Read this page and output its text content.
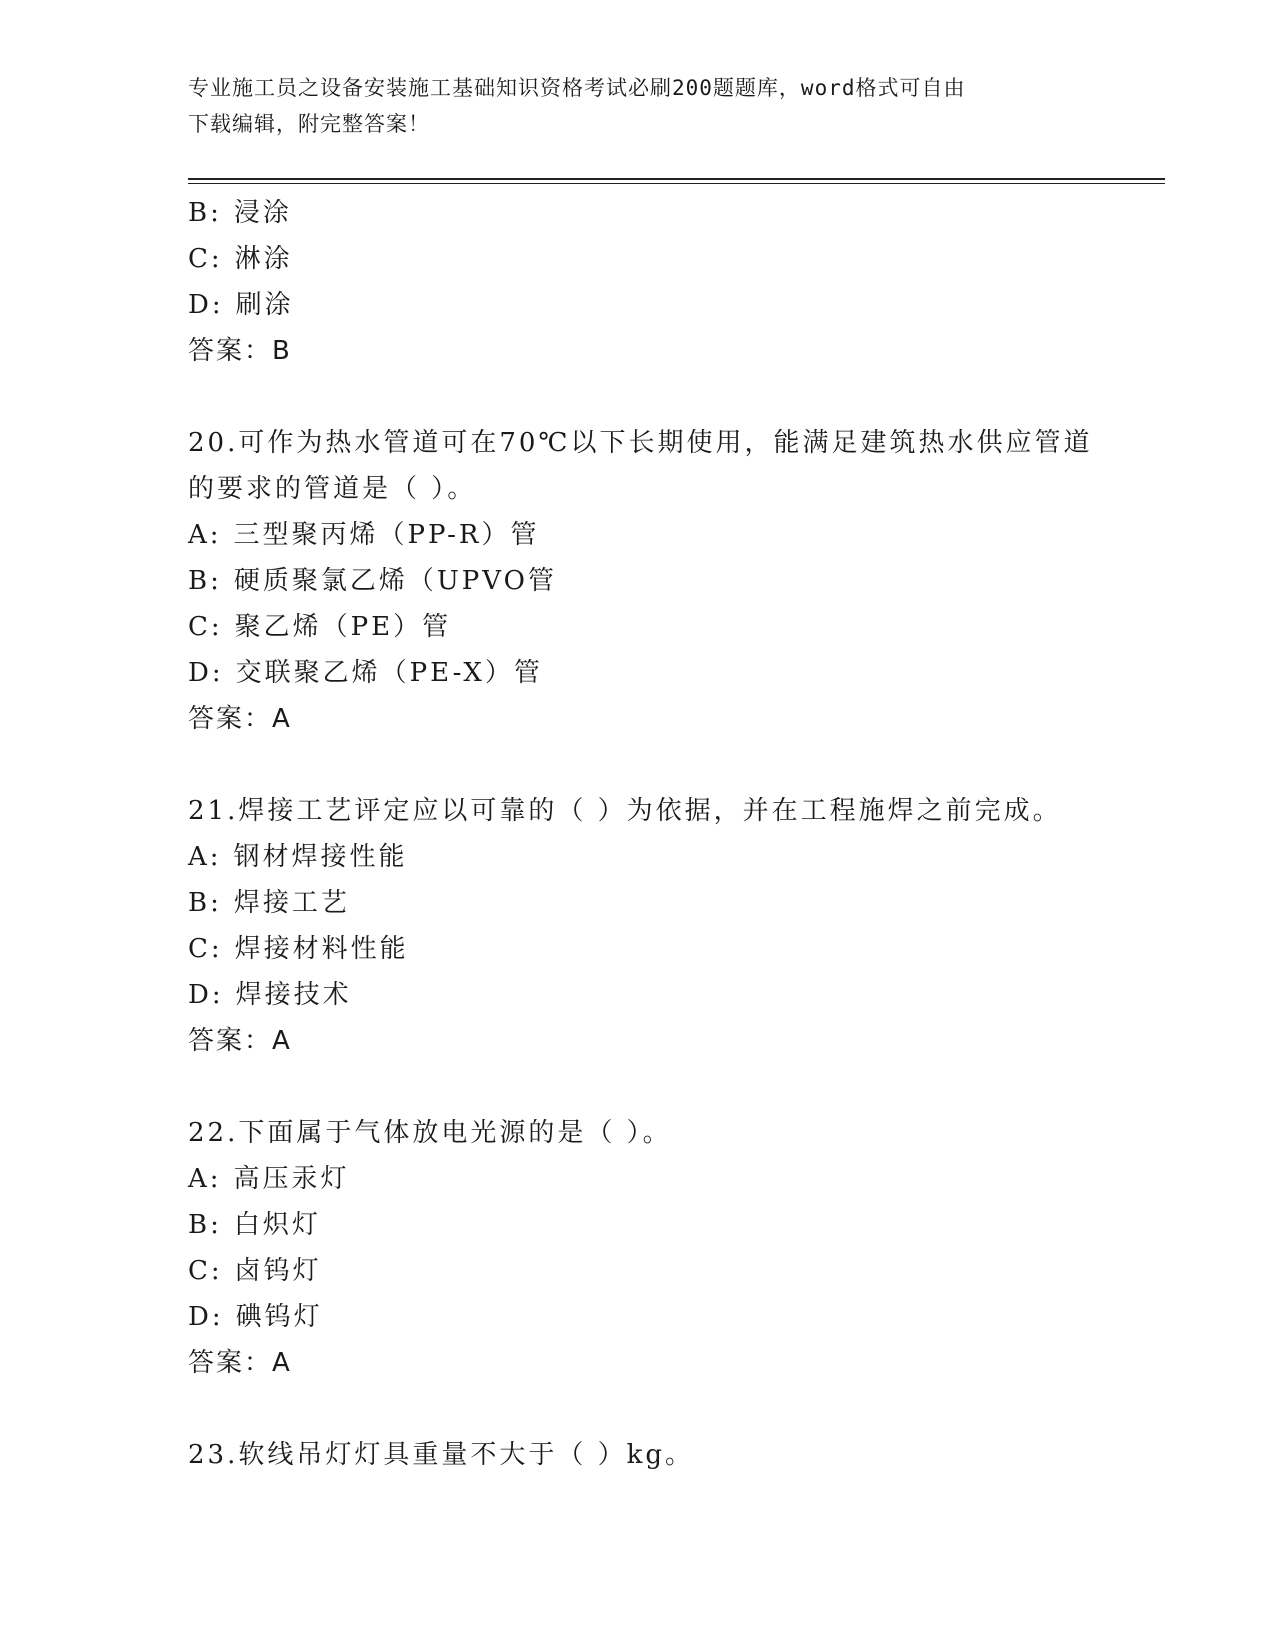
专业施工员之设备安装施工基础知识资格考试必刷200题题库，word格式可自由
下载编辑，附完整答案！
B: 浸涂
C: 淋涂
D: 刷涂
答案：B
20.可作为热水管道可在70℃以下长期使用，能满足建筑热水供应管道
的要求的管道是（ ）。
A: 三型聚丙烯（PP-R）管
B: 硬质聚氯乙烯（UPVO管
C: 聚乙烯（PE）管
D: 交联聚乙烯（PE-X）管
答案：A
21.焊接工艺评定应以可靠的（ ）为依据，并在工程施焊之前完成。
A: 钢材焊接性能
B: 焊接工艺
C: 焊接材料性能
D: 焊接技术
答案：A
22.下面属于气体放电光源的是（ ）。
A: 高压汞灯
B: 白炽灯
C: 卤钨灯
D: 碘钨灯
答案：A
23.软线吊灯灯具重量不大于（ ）kg。
